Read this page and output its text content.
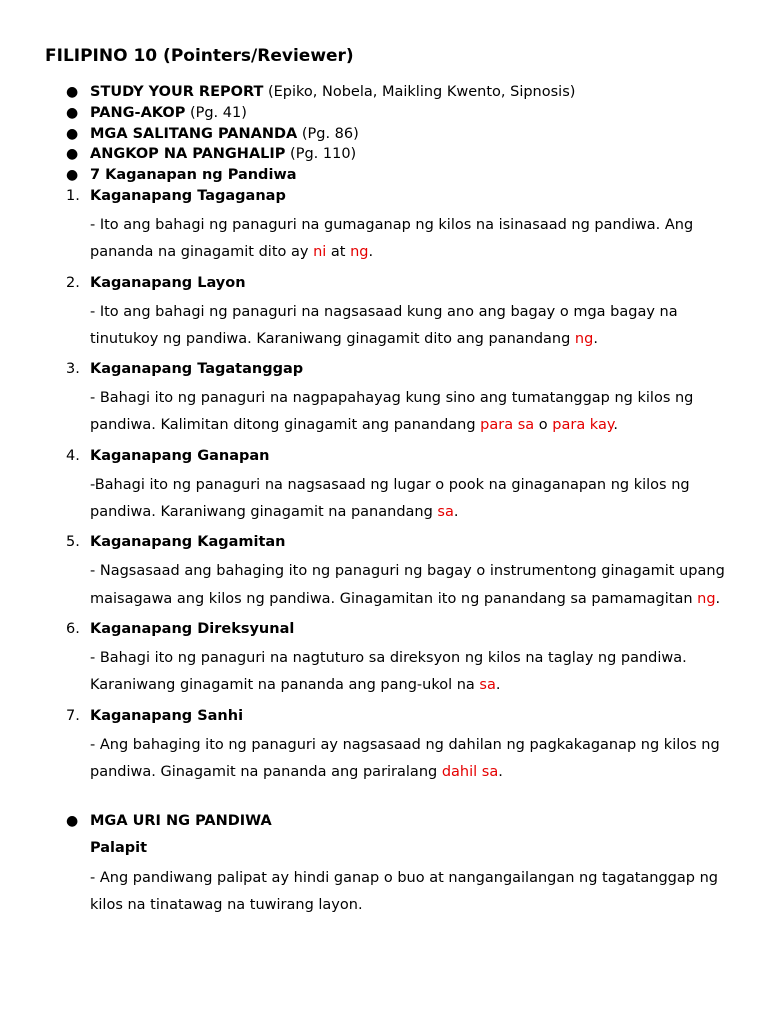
FILIPINO 10 (Pointers/Reviewer)
● STUDY YOUR REPORT (Epiko, Nobela, Maikling Kwento, Sipnosis)
● PANG-AKOP (Pg. 41)
● MGA SALITANG PANANDA (Pg. 86)
● ANGKOP NA PANGHALIP (Pg. 110)
● 7 Kaganapan ng Pandiwa
1. Kaganapang Tagaganap
- Ito ang bahagi ng panaguri na gumaganap ng kilos na isinasaad ng pandiwa. Ang pananda na ginagamit dito ay ni at ng.
2. Kaganapang Layon
- Ito ang bahagi ng panaguri na nagsasaad kung ano ang bagay o mga bagay na tinutukoy ng pandiwa. Karaniwang ginagamit dito ang panandang ng.
3. Kaganapang Tagatanggap
- Bahagi ito ng panaguri na nagpapahayag kung sino ang tumatanggap ng kilos ng pandiwa. Kalimitan ditong ginagamit ang panandang para sa o para kay.
4. Kaganapang Ganapan
-Bahagi ito ng panaguri na nagsasaad ng lugar o pook na ginaganapan ng kilos ng pandiwa. Karaniwang ginagamit na panandang sa.
5. Kaganapang Kagamitan
- Nagsasaad ang bahaging ito ng panaguri ng bagay o instrumentong ginagamit upang maisagawa ang kilos ng pandiwa. Ginagamitan ito ng panandang sa pamamagitan ng.
6. Kaganapang Direksyunal
- Bahagi ito ng panaguri na nagtuturo sa direksyon ng kilos na taglay ng pandiwa. Karaniwang ginagamit na pananda ang pang-ukol na sa.
7. Kaganapang Sanhi
- Ang bahaging ito ng panaguri ay nagsasaad ng dahilan ng pagkakaganap ng kilos ng pandiwa. Ginagamit na pananda ang pariralang dahil sa.
● MGA URI NG PANDIWA
Palapit
- Ang pandiwang palipat ay hindi ganap o buo at nangangailangan ng tagatanggap ng
kilos na tinatawag na tuwirang layon.
